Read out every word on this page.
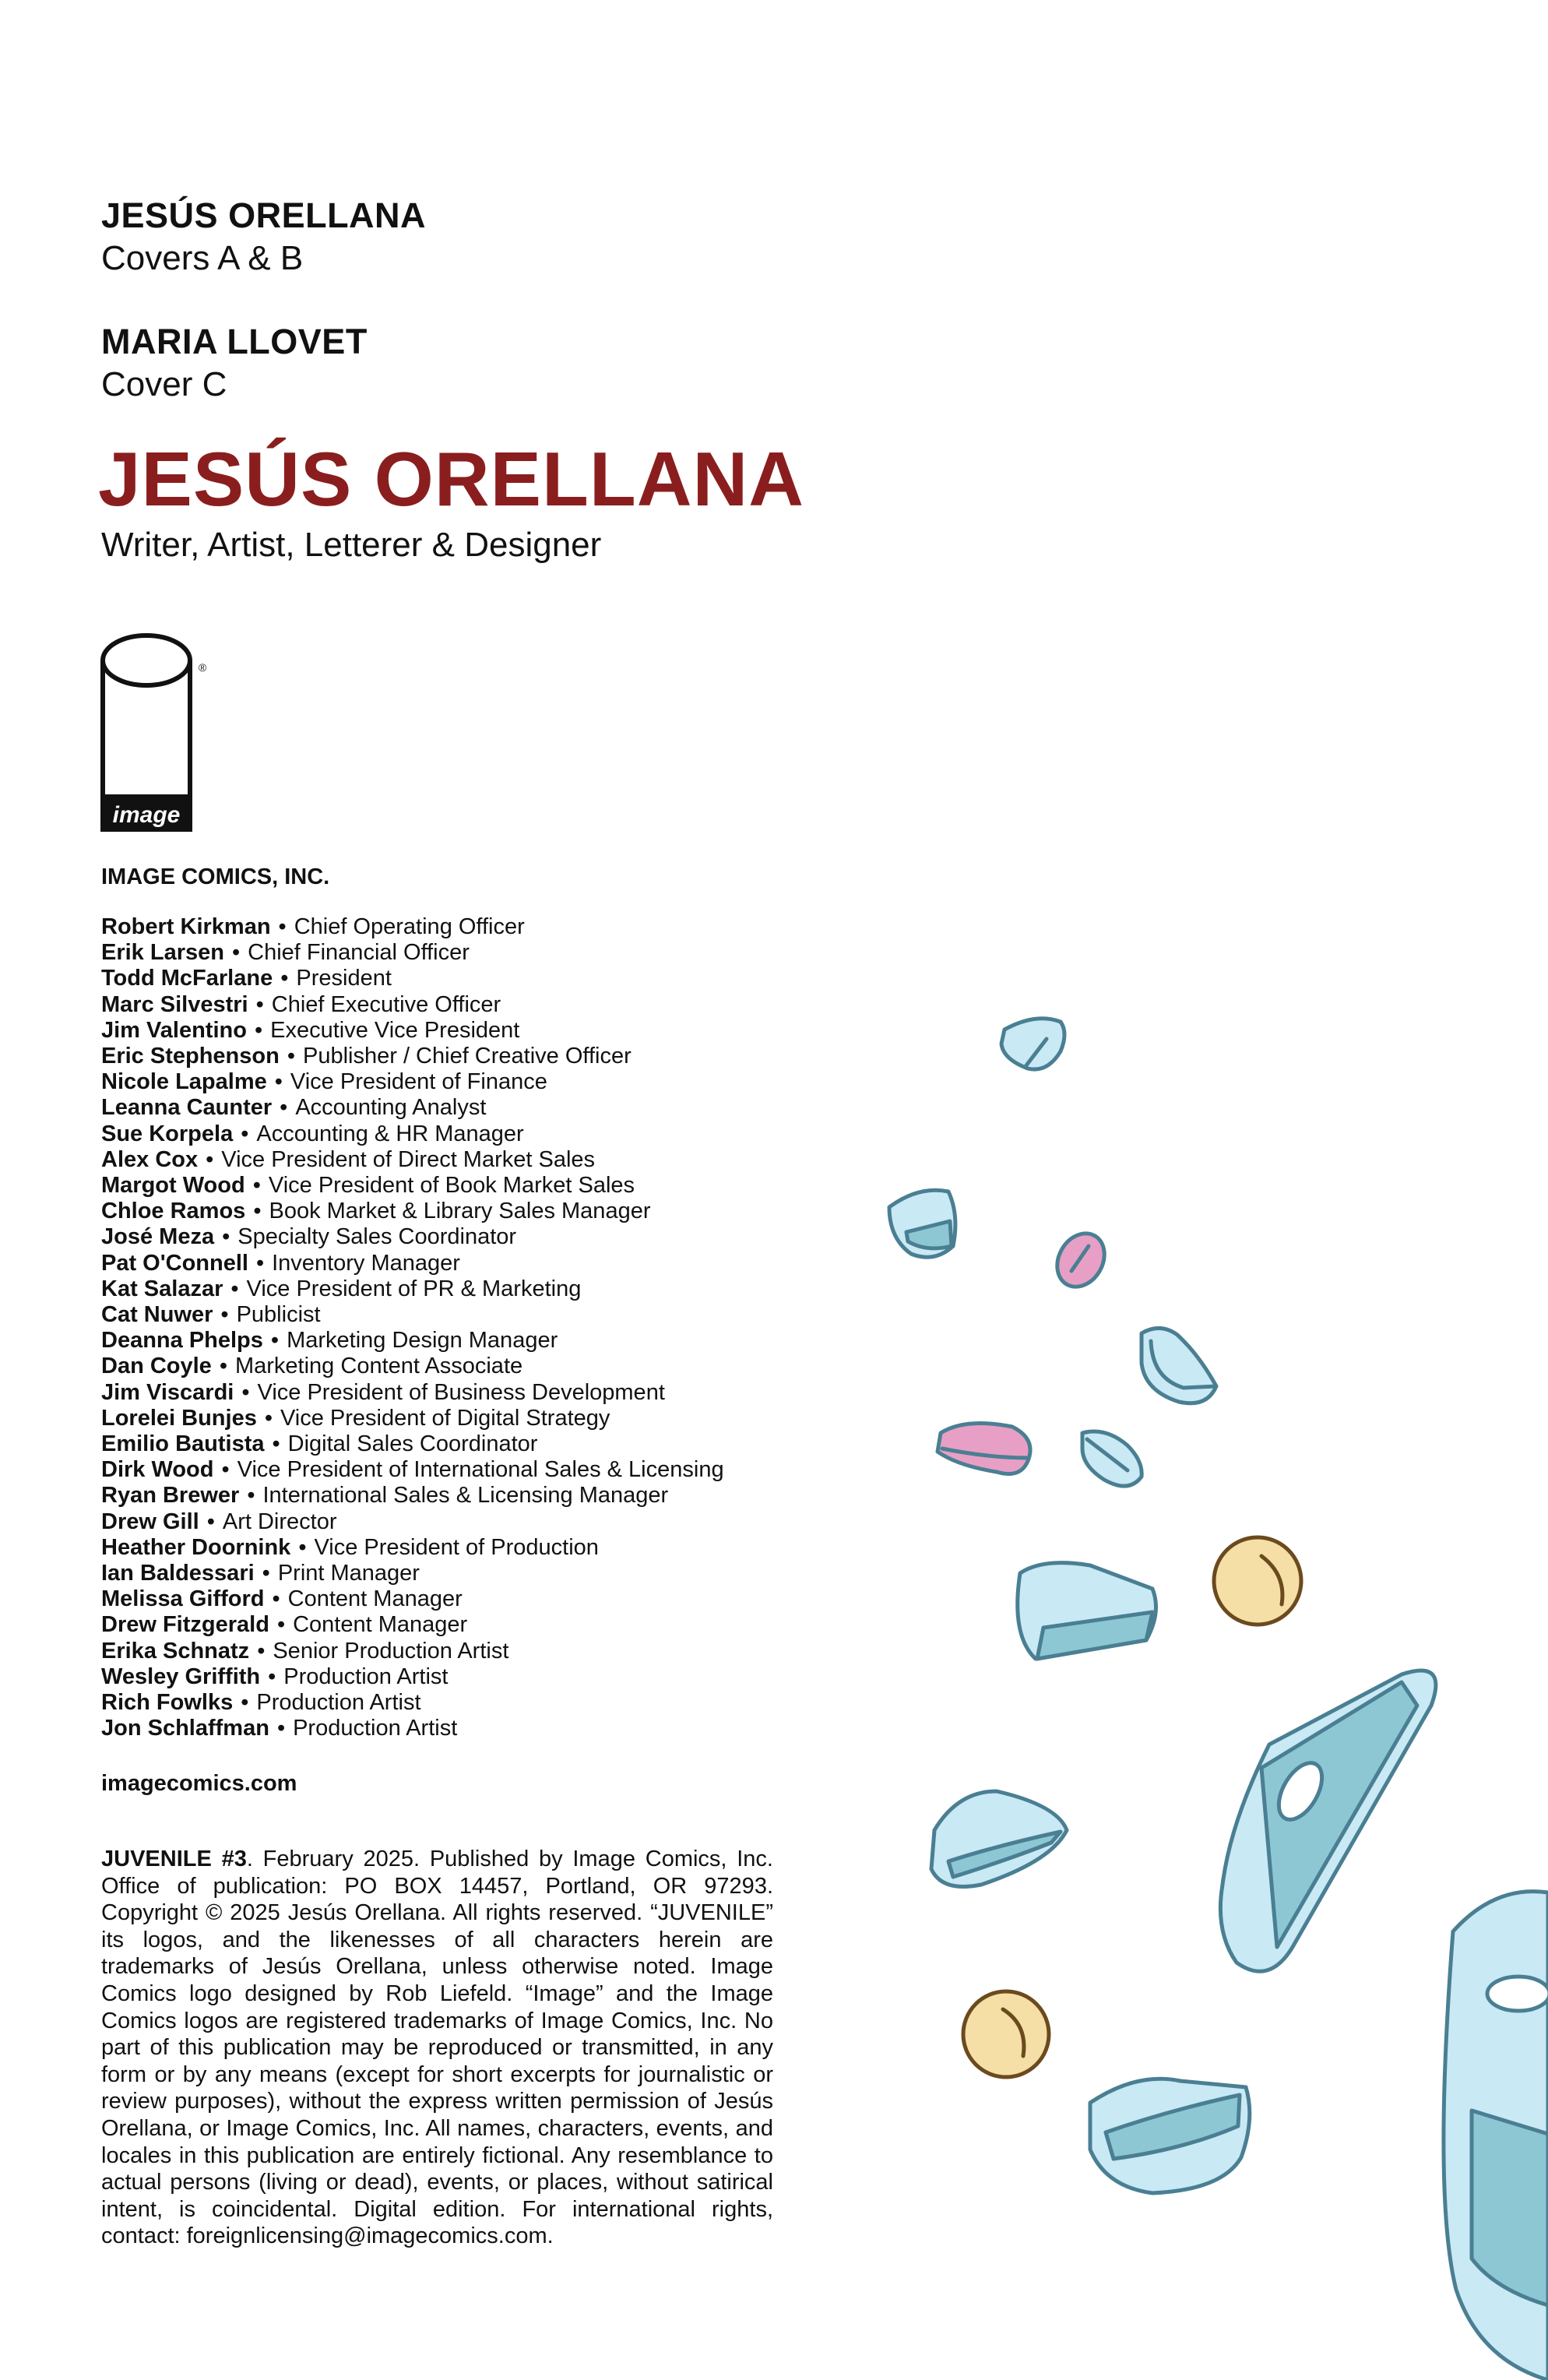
JESÚS ORELLANA
Covers A & B
MARIA LLOVET
Cover C
JESÚS ORELLANA
Writer, Artist, Letterer & Designer
image
®
IMAGE COMICS, INC.
Robert Kirkman • Chief Operating Officer
Erik Larsen • Chief Financial Officer
Todd McFarlane • President
Marc Silvestri • Chief Executive Officer
Jim Valentino • Executive Vice President
Eric Stephenson • Publisher / Chief Creative Officer
Nicole Lapalme • Vice President of Finance
Leanna Caunter • Accounting Analyst
Sue Korpela • Accounting & HR Manager
Alex Cox • Vice President of Direct Market Sales
Margot Wood • Vice President of Book Market Sales
Chloe Ramos • Book Market & Library Sales Manager
José Meza • Specialty Sales Coordinator
Pat O'Connell • Inventory Manager
Kat Salazar • Vice President of PR & Marketing
Cat Nuwer • Publicist
Deanna Phelps • Marketing Design Manager
Dan Coyle • Marketing Content Associate
Jim Viscardi • Vice President of Business Development
Lorelei Bunjes • Vice President of Digital Strategy
Emilio Bautista • Digital Sales Coordinator
Dirk Wood • Vice President of International Sales & Licensing
Ryan Brewer • International Sales & Licensing Manager
Drew Gill • Art Director
Heather Doornink • Vice President of Production
Ian Baldessari • Print Manager
Melissa Gifford • Content Manager
Drew Fitzgerald • Content Manager
Erika Schnatz • Senior Production Artist
Wesley Griffith • Production Artist
Rich Fowlks • Production Artist
Jon Schlaffman • Production Artist
imagecomics.com
JUVENILE #3. February 2025. Published by Image Comics, Inc. Office of publication: PO BOX 14457, Portland, OR 97293. Copyright © 2025 Jesús Orellana. All rights reserved. “JUVENILE” its logos, and the likenesses of all characters herein are trademarks of Jesús Orellana, unless otherwise noted. Image Comics logo designed by Rob Liefeld. “Image” and the Image Comics logos are registered trademarks of Image Comics, Inc. No part of this publication may be reproduced or transmitted, in any form or by any means (except for short excerpts for journalistic or review purposes), without the express written permission of Jesús Orellana, or Image Comics, Inc. All names, characters, events, and locales in this publication are entirely fictional. Any resemblance to actual persons (living or dead), events, or places, without satirical intent, is coincidental. Digital edition. For international rights, contact: foreignlicensing@imagecomics.com.
